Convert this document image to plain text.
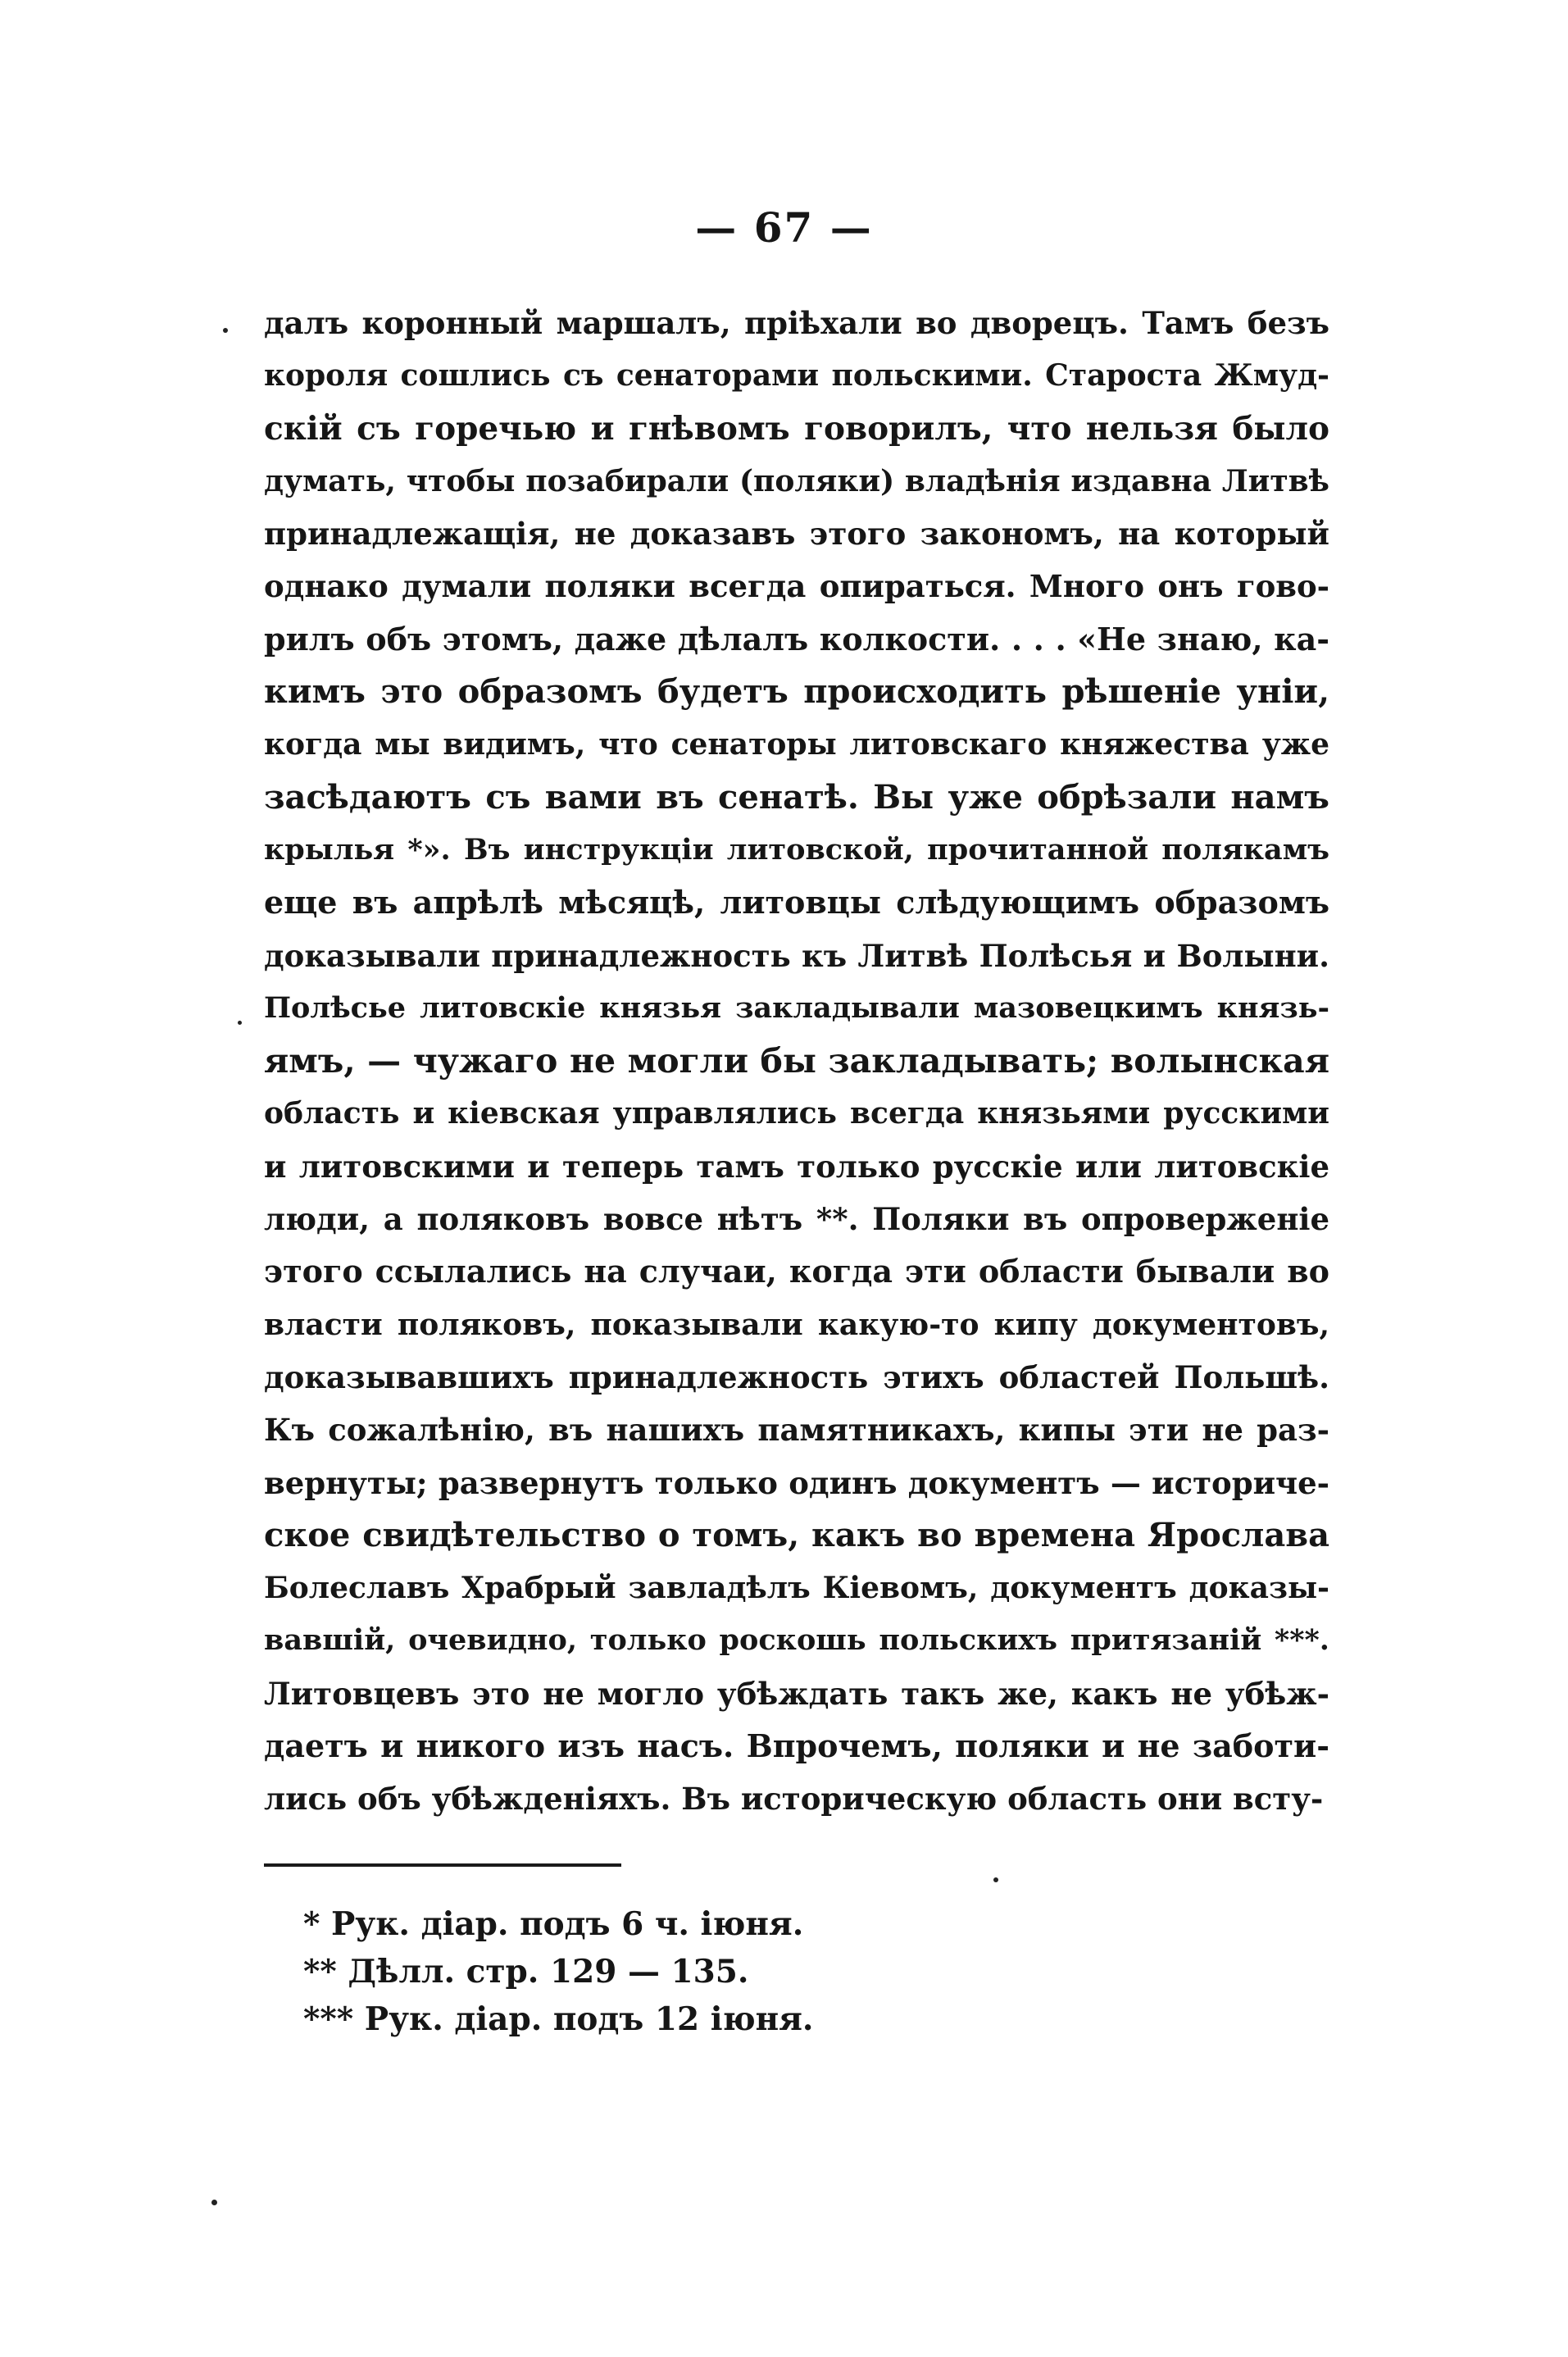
— 67 —
далъ коронный маршалъ, пріѣхали во дворецъ. Тамъ безъ
короля сошлись съ сенаторами польскими. Староста Жмуд-
скій съ горечью и гнѣвомъ говорилъ, что нельзя было
думать, чтобы позабирали (поляки) владѣнія издавна Литвѣ
принадлежащія, не доказавъ этого закономъ, на который
однако думали поляки всегда опираться. Много онъ гово-
рилъ объ этомъ, даже дѣлалъ колкости. . . . «Не знаю, ка-
кимъ это образомъ будетъ происходить рѣшеніе уніи,
когда мы видимъ, что сенаторы литовскаго княжества уже
засѣдаютъ съ вами въ сенатѣ. Вы уже обрѣзали намъ
крылья *». Въ инструкціи литовской, прочитанной полякамъ
еще въ апрѣлѣ мѣсяцѣ, литовцы слѣдующимъ образомъ
доказывали принадлежность къ Литвѣ Полѣсья и Волыни.
Полѣсье литовскіе князья закладывали мазовецкимъ князь-
ямъ, — чужаго не могли бы закладывать; волынская
область и кіевская управлялись всегда князьями русскими
и литовскими и теперь тамъ только русскіе или литовскіе
люди, а поляковъ вовсе нѣтъ **. Поляки въ опроверженіе
этого ссылались на случаи, когда эти области бывали во
власти поляковъ, показывали какую-то кипу документовъ,
доказывавшихъ принадлежность этихъ областей Польшѣ.
Къ сожалѣнію, въ нашихъ памятникахъ, кипы эти не раз-
вернуты; развернутъ только одинъ документъ — историче-
ское свидѣтельство о томъ, какъ во времена Ярослава
Болеславъ Храбрый завладѣлъ Кіевомъ, документъ доказы-
вавшій, очевидно, только роскошь польскихъ притязаній ***.
Литовцевъ это не могло убѣждать такъ же, какъ не убѣж-
даетъ и никого изъ насъ. Впрочемъ, поляки и не заботи-
лись объ убѣжденіяхъ. Въ историческую область они всту-
* Рук. діар. подъ 6 ч. іюня.
** Дѣлл. стр. 129 — 135.
*** Рук. діар. подъ 12 іюня.
